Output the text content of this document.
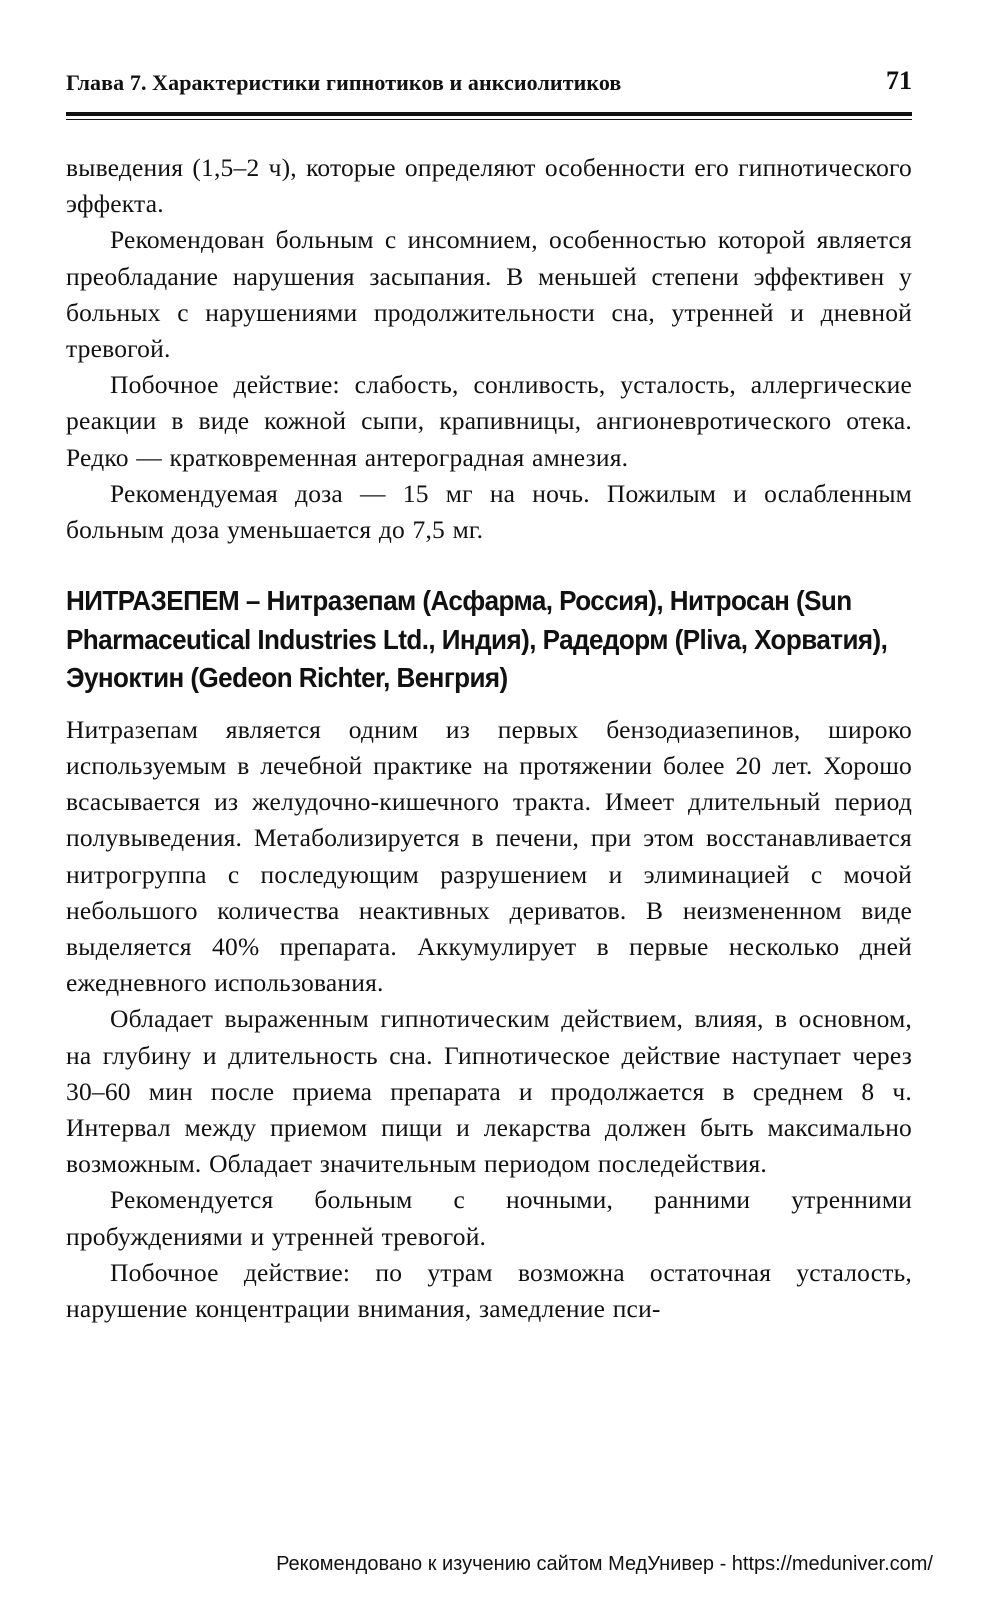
Глава 7. Характеристики гипнотиков и анксиолитиков	71

выведения (1,5–2 ч), которые определяют особенности его гипнотического эффекта.

Рекомендован больным с инсомнием, особенностью которой является преобладание нарушения засыпания. В меньшей степени эффективен у больных с нарушениями продолжительности сна, утренней и дневной тревогой.

Побочное действие: слабость, сонливость, усталость, аллергические реакции в виде кожной сыпи, крапивницы, ангионевротического отека. Редко — кратковременная антероградная амнезия.

Рекомендуемая доза — 15 мг на ночь. Пожилым и ослабленным больным доза уменьшается до 7,5 мг.

НИТРАЗЕПЕМ – Нитразепам (Асфарма, Россия), Нитросан (Sun Pharmaceutical Industries Ltd., Индия), Радедорм (Pliva, Хорватия), Эуноктин (Gedeon Richter, Венгрия)

Нитразепам является одним из первых бензодиазепинов, широко используемым в лечебной практике на протяжении более 20 лет. Хорошо всасывается из желудочно-кишечного тракта. Имеет длительный период полувыведения. Метаболизируется в печени, при этом восстанавливается нитрогруппа с последующим разрушением и элиминацией с мочой небольшого количества неактивных дериватов. В неизмененном виде выделяется 40% препарата. Аккумулирует в первые несколько дней ежедневного использования.

Обладает выраженным гипнотическим действием, влияя, в основном, на глубину и длительность сна. Гипнотическое действие наступает через 30–60 мин после приема препарата и продолжается в среднем 8 ч. Интервал между приемом пищи и лекарства должен быть максимально возможным. Обладает значительным периодом последействия.

Рекомендуется больным с ночными, ранними утренними пробуждениями и утренней тревогой.

Побочное действие: по утрам возможна остаточная усталость, нарушение концентрации внимания, замедление пси-

Рекомендовано к изучению сайтом МедУнивер - https://meduniver.com/
